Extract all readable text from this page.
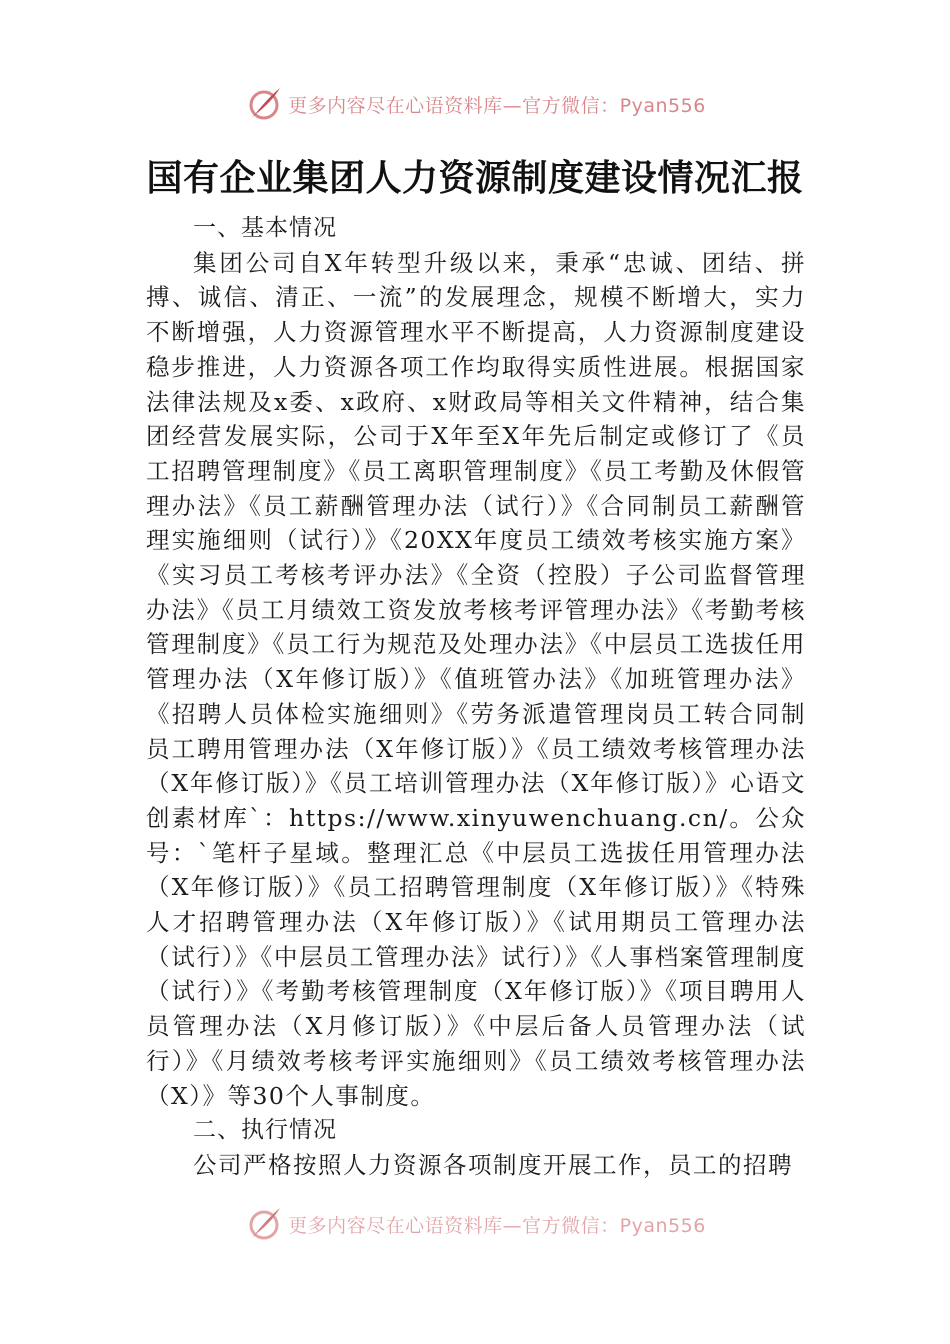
更多内容尽在心语资料库—官方微信：Pyan556
国有企业集团人力资源制度建设情况汇报

一、基本情况

集团公司自X年转型升级以来，秉承“忠诚、团结、拼搏、诚信、清正、一流”的发展理念，规模不断增大，实力不断增强，人力资源管理水平不断提高，人力资源制度建设稳步推进，人力资源各项工作均取得实质性进展。根据国家法律法规及x委、x政府、x财政局等相关文件精神，结合集团经营发展实际，公司于X年至X年先后制定或修订了《员工招聘管理制度》《员工离职管理制度》《员工考勤及休假管理办法》《员工薪酬管理办法（试行）》《合同制员工薪酬管理实施细则（试行）》《20XX年度员工绩效考核实施方案》《实习员工考核考评办法》《全资（控股）子公司监督管理办法》《员工月绩效工资发放考核考评管理办法》《考勤考核管理制度》《员工行为规范及处理办法》《中层员工选拔任用管理办法（X年修订版）》《值班管办法》《加班管理办法》《招聘人员体检实施细则》《劳务派遣管理岗员工转合同制员工聘用管理办法（X年修订版）》《员工绩效考核管理办法（X年修订版）》《员工培训管理办法（X年修订版）》心语文创素材库`：https://www.xinyuwenchuang.cn/。公众号：`笔杆子星域。整理汇总《中层员工选拔任用管理办法（X年修订版）》《员工招聘管理制度（X年修订版）》《特殊人才招聘管理办法（X年修订版）》《试用期员工管理办法（试行）》《中层员工管理办法》试行）》《人事档案管理制度（试行）》《考勤考核管理制度（X年修订版）》《项目聘用人员管理办法（X月修订版）》《中层后备人员管理办法（试行）》《月绩效考核考评实施细则》《员工绩效考核管理办法（X）》等30个人事制度。

二、执行情况

公司严格按照人力资源各项制度开展工作，员工的招聘

更多内容尽在心语资料库—官方微信：Pyan556
